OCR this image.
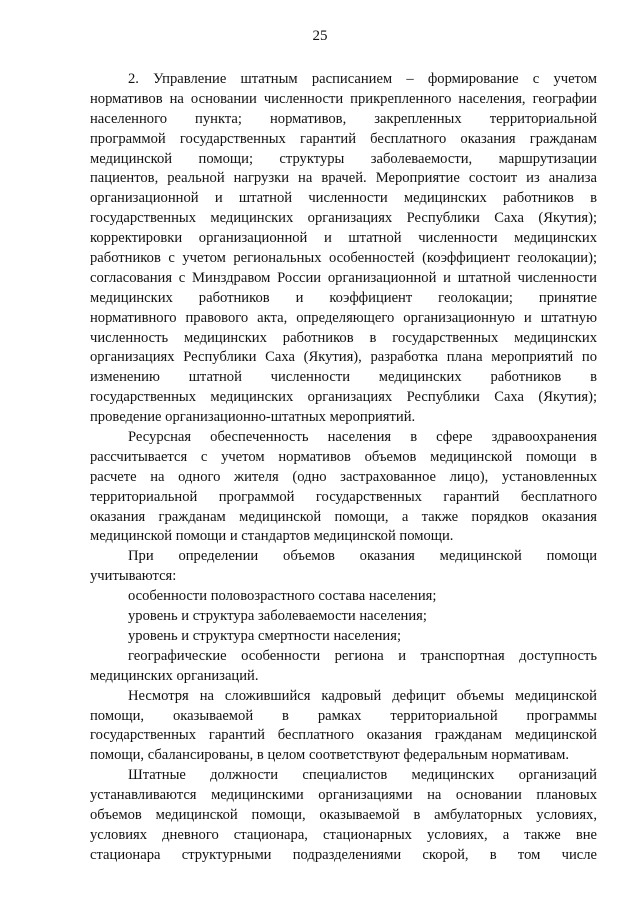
25
2. Управление штатным расписанием – формирование с учетом
нормативов на основании численности прикрепленного населения, географии
населенного пункта; нормативов, закрепленных территориальной
программой государственных гарантий бесплатного оказания гражданам
медицинской помощи; структуры заболеваемости, маршрутизации
пациентов, реальной нагрузки на врачей. Мероприятие состоит из анализа
организационной и штатной численности медицинских работников в
государственных медицинских организациях Республики Саха (Якутия);
корректировки организационной и штатной численности медицинских
работников с учетом региональных особенностей (коэффициент геолокации);
согласования с Минздравом России организационной и штатной численности
медицинских работников и коэффициент геолокации; принятие
нормативного правового акта, определяющего организационную и штатную
численность медицинских работников в государственных медицинских
организациях Республики Саха (Якутия), разработка плана мероприятий по
изменению штатной численности медицинских работников в
государственных медицинских организациях Республики Саха (Якутия);
проведение организационно-штатных мероприятий.
Ресурсная обеспеченность населения в сфере здравоохранения
рассчитывается с учетом нормативов объемов медицинской помощи в
расчете на одного жителя (одно застрахованное лицо), установленных
территориальной программой государственных гарантий бесплатного
оказания гражданам медицинской помощи, а также порядков оказания
медицинской помощи и стандартов медицинской помощи.
При определении объемов оказания медицинской помощи
учитываются:
особенности половозрастного состава населения;
уровень и структура заболеваемости населения;
уровень и структура смертности населения;
географические особенности региона и транспортная доступность
медицинских организаций.
Несмотря на сложившийся кадровый дефицит объемы медицинской
помощи, оказываемой в рамках территориальной программы
государственных гарантий бесплатного оказания гражданам медицинской
помощи, сбалансированы, в целом соответствуют федеральным нормативам.
Штатные должности специалистов медицинских организаций
устанавливаются медицинскими организациями на основании плановых
объемов медицинской помощи, оказываемой в амбулаторных условиях,
условиях дневного стационара, стационарных условиях, а также вне
стационара структурными подразделениями скорой, в том числе
